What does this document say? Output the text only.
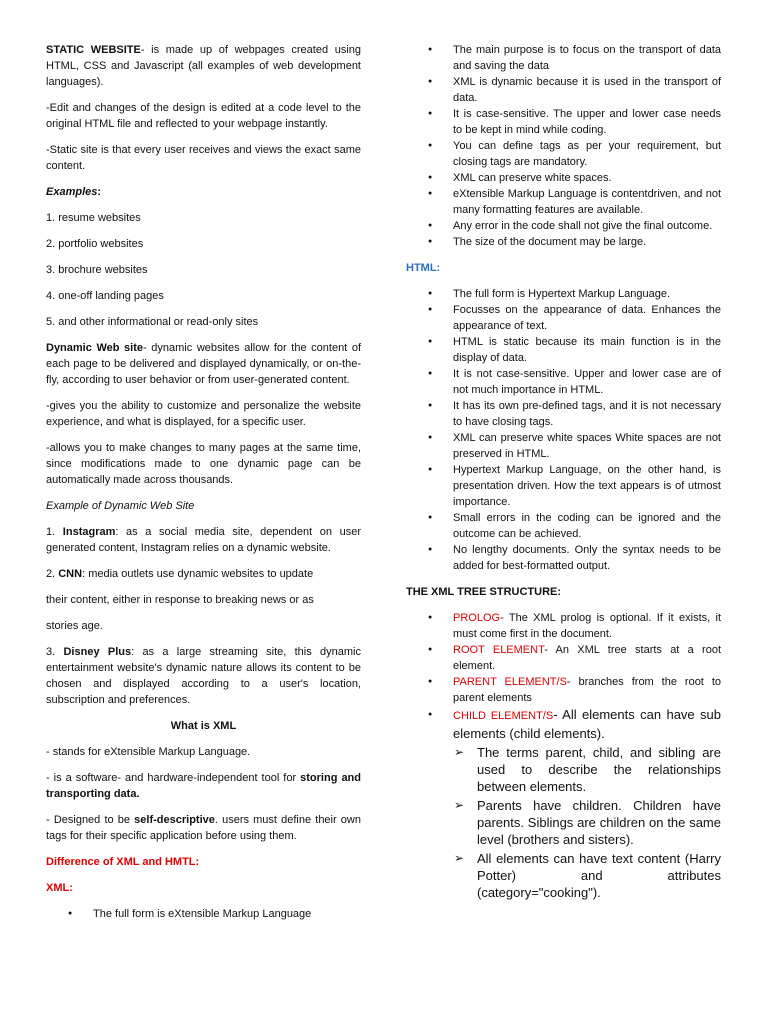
STATIC WEBSITE- is made up of webpages created using HTML, CSS and Javascript (all examples of web development languages).

-Edit and changes of the design is edited at a code level to the original HTML file and reflected to your webpage instantly.

-Static site is that every user receives and views the exact same content.

Examples:

1. resume websites

2. portfolio websites

3. brochure websites

4. one-off landing pages

5. and other informational or read-only sites

Dynamic Web site- dynamic websites allow for the content of each page to be delivered and displayed dynamically, or on-the-fly, according to user behavior or from user-generated content.

-gives you the ability to customize and personalize the website experience, and what is displayed, for a specific user.

-allows you to make changes to many pages at the same time, since modifications made to one dynamic page can be automatically made across thousands.

Example of Dynamic Web Site

1. Instagram: as a social media site, dependent on user generated content, Instagram relies on a dynamic website.

2. CNN: media outlets use dynamic websites to update

their content, either in response to breaking news or as

stories age.

3. Disney Plus: as a large streaming site, this dynamic entertainment website's dynamic nature allows its content to be chosen and displayed according to a user's location, subscription and preferences.

What is XML

- stands for eXtensible Markup Language.

- is a software- and hardware-independent tool for storing and transporting data.

- Designed to be self-descriptive. users must define their own tags for their specific application before using them.

Difference of XML and HMTL:

XML:

● The full form is eXtensible Markup Language
● The main purpose is to focus on the transport of data and saving the data
● XML is dynamic because it is used in the transport of data.
● It is case-sensitive. The upper and lower case needs to be kept in mind while coding.
● You can define tags as per your requirement, but closing tags are mandatory.
● XML can preserve white spaces.
● eXtensible Markup Language is contentdriven, and not many formatting features are available.
● Any error in the code shall not give the final outcome.
● The size of the document may be large.

HTML:

● The full form is Hypertext Markup Language.
● Focusses on the appearance of data. Enhances the appearance of text.
● HTML is static because its main function is in the display of data.
● It is not case-sensitive. Upper and lower case are of not much importance in HTML.
● It has its own pre-defined tags, and it is not necessary to have closing tags.
● XML can preserve white spaces White spaces are not preserved in HTML.
● Hypertext Markup Language, on the other hand, is presentation driven. How the text appears is of utmost importance.
● Small errors in the coding can be ignored and the outcome can be achieved.
● No lengthy documents. Only the syntax needs to be added for best-formatted output.

THE XML TREE STRUCTURE:

● PROLOG- The XML prolog is optional. If it exists, it must come first in the document.
● ROOT ELEMENT- An XML tree starts at a root element.
● PARENT ELEMENT/S- branches from the root to parent elements
● CHILD ELEMENT/S- All elements can have sub elements (child elements).
➢ The terms parent, child, and sibling are used to describe the relationships between elements.
➢ Parents have children. Children have parents. Siblings are children on the same level (brothers and sisters).
➢ All elements can have text content (Harry Potter) and attributes (category="cooking").
